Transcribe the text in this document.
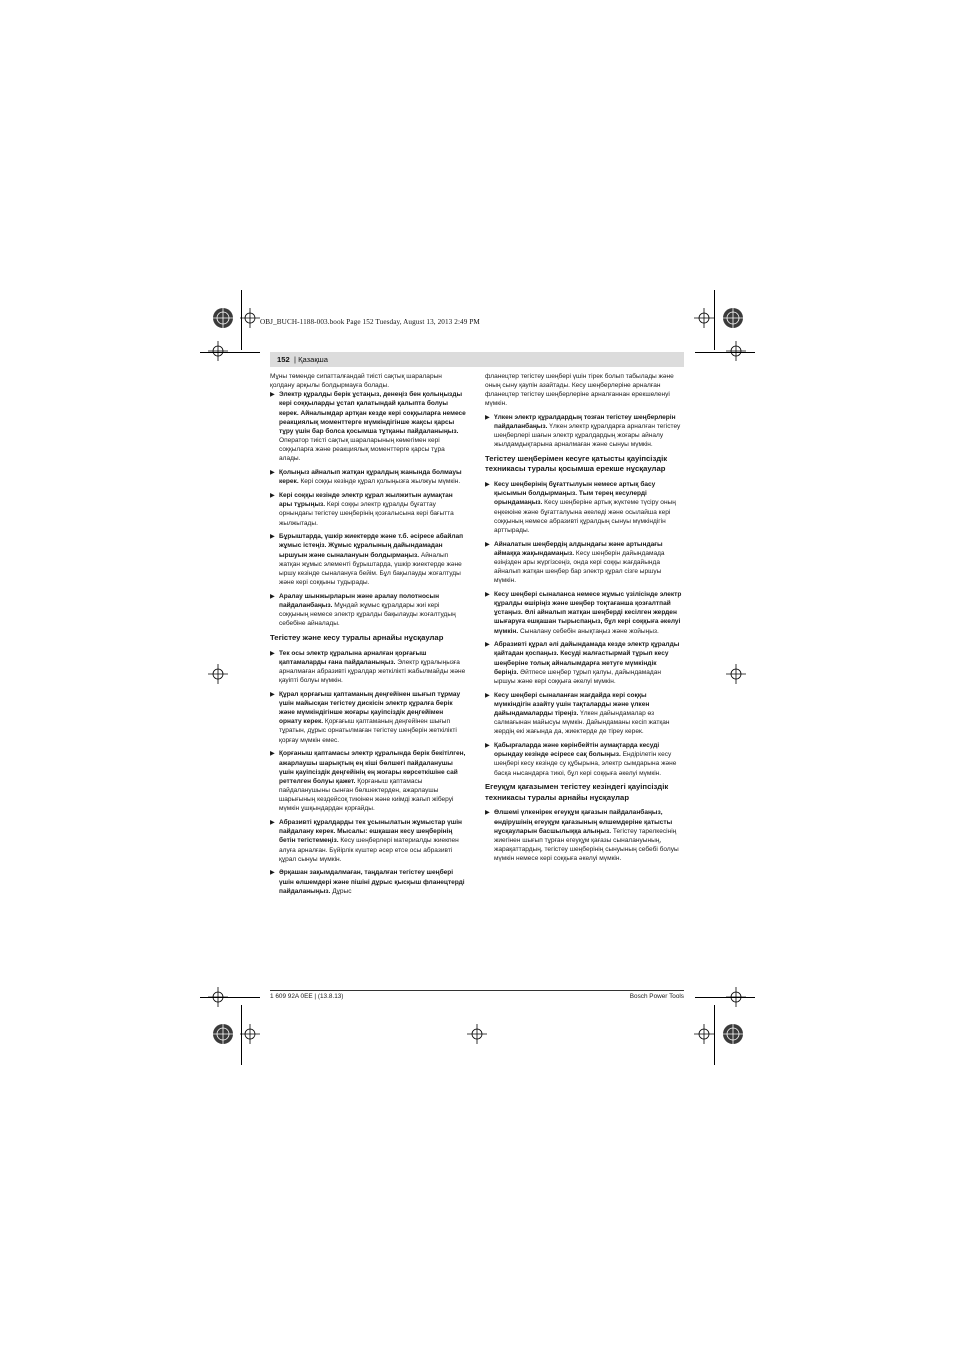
OBJ_BUCH-1188-003.book Page 152 Tuesday, August 13, 2013 2:49 PM
152 | Қазақша

Мұны төменде сипатталғандай тиісті сақтық шараларын қолдану арқылы болдырмауға болады.

▶ Электр құралды берік ұстаңыз, денеңіз бен қолыңызды кері соққыларды ұстап қалатындай қалыпта болуы керек. Айналымдар артқан кезде кері соққыларға немесе реакциялық моменттерге мүмкіндігінше жақсы қарсы тұру үшін бар болса қосымша тұтқаны пайдаланыңыз. Оператор тиісті сақтық шараларының көмегімен кері соққыларға және реакциялық моменттерге қарсы тұра алады.
▶ Қолыңыз айналып жатқан құралдың жанында болмауы керек. Кері соққы кезінде құрал қолыңызға жылжуы мүмкін.
▶ Кері соққы кезінде электр құрал жылжитын аумақтан ары тұрыңыз. Кері соққы электр құралды бұғаттау орнындағы тегістеу шеңберінің қозғалысына кері бағытта жылжытады.
▶ Бұрыштарда, үшкір жиектерде және т.б. әсіресе абайлап жұмыс істеңіз. Жұмыс құралының дайындамадан ыршуын және сыналануын болдырмаңыз. Айналып жатқан жұмыс элементі бұрыштарда, үшкір жиектерде және ыршу кезінде сыналануға бейім. Бұл бақылауды жоғалтуды және кері соққыны тудырады.
▶ Аралау шынжырларын және аралау полотносын пайдаланбаңыз. Мұндай жұмыс құралдары жиі кері соққының немесе электр құралды бақылауды жоғалтудың себебіне айналады.
Тегістеу және кесу туралы арнайы нұсқаулар
▶ Тек осы электр құралына арналған қорғағыш қаптамаларды ғана пайдаланыңыз. Электр құралыңызға арналмаған абразивті құралдар жеткілікті жабылмайды және қауіпті болуы мүмкін.
▶ Құрал қорғағыш қаптаманың деңгейінен шығып тұрмау үшін майысқан тегістеу дискісін электр құралға берік және мүмкіндігінше жоғары қауіпсіздік деңгейімен орнату керек. Қорғағыш қаптаманың деңгейінен шығып тұратын, дұрыс орнатылмаған тегістеу шеңберін жеткілікті қорғау мүмкін емес.
▶ Қорғаныш қаптамасы электр құралында берік бекітілген, ажарлаушы шарықтың ең кіші бөлшегі пайдаланушы үшін қауіпсіздік деңгейінің ең жоғары көрсеткішіне сай реттелген болуы қажет. Қорғаныш қаптамасы пайдаланушыны сынған бөлшектерден, ажарлаушы шарығының кездейсоқ тиюінен және киімді жағып жіберуі мүмкін ұшқындардан қорғайды.
▶ Абразивті құралдарды тек ұсынылатын жұмыстар үшін пайдалану керек. Мысалы: ешқашан кесу шеңберінің бетін тегістемеңіз. Кесу шеңберлері материалды жиекпен алуға арналған. Бүйірлік күштер әсер етсе осы абразивті құрал сынуы мүмкін.
▶ Әрқашан зақымдалмаған, таңдалған тегістеу шеңбері үшін өлшемдері және пішіні дұрыс қысқыш фланецтерді пайдаланыңыз. Дұрыс

фланецтер тегістеу шеңбері үшін тірек болып табылады және оның сыну қаупін азайтады. Кесу шеңберлеріне арналған фланецтер тегістеу шеңберлеріне арналғаннан ерекшеленуі мүмкін.

▶ Үлкен электр құралдардың тозған тегістеу шеңберлерін пайдаланбаңыз. Үлкен электр құралдарға арналған тегістеу шеңберлері шағын электр құралдардың жоғары айналу жылдамдықтарына арналмаған және сынуы мүмкін.
Тегістеу шеңберімен кесуге қатысты қауіпсіздік техникасы туралы қосымша ерекше нұсқаулар
▶ Кесу шеңберінің бұғаттылуын немесе артық басу қысымын болдырмаңыз. Тым терең кесулерді орындамаңыз. Кесу шеңберіне артық жүктеме түсіру оның еңкеюіне және бұғатталуына әкеледі және осылайша кері соққының немесе абразивті құралдың сынуы мүмкіндігін арттырады.
▶ Айналатын шеңбердің алдындағы және артындағы аймаққа жақындамаңыз. Кесу шеңберін дайындамада өзіңізден ары жүргізсеңіз, онда кері соққы жағдайында айналып жатқан шеңбер бар электр құрал сізге ыршуы мүмкін.
▶ Кесу шеңбері сыналанса немесе жұмыс үзілісінде электр құралды өшіріңіз және шеңбер тоқтағанша қозғалтпай ұстаңыз. Әлі айналып жатқан шеңберді кесілген жерден шығаруға ешқашан тырыспаңыз, бұл кері соққыға әкелуі мүмкін. Сыналану себебін анықтаңыз және жойыңыз.
▶ Абразивті құрал әлі дайындамада кезде электр құралды қайтадан қоспаңыз. Кесуді жалғастырмай тұрып кесу шеңберіне толық айналымдарға жетуге мүмкіндік беріңіз. Әйтпесе шеңбер тұрып қалуы, дайындамадан ыршуы және кері соққыға әкелуі мүмкін.
▶ Кесу шеңбері сыналанған жағдайда кері соққы мүмкіндігін азайту үшін тақталарды және үлкен дайындамаларды тіреңіз. Үлкен дайындамалар өз салмағынан майысуы мүмкін. Дайындаманы кесіп жатқан жердің екі жағында да, жиектерде де тіреу керек.
▶ Қабырғаларда және көрінбейтін аумақтарда кесуді орындау кезінде әсіресе сақ болыңыз. Ендірілетін кесу шеңбері кесу кезінде су құбырына, электр сымдарына және басқа нысандарға тиюі, бұл кері соққыға әкелуі мүмкін.
Егеуқұм қағазымен тегістеу кезіндегі қауіпсіздік техникасы туралы арнайы нұсқаулар
▶ Өлшемі үлкенірек егеуқұм қағазын пайдаланбаңыз, өндірушінің егеуқұм қағазының өлшемдеріне қатысты нұсқауларын басшылыққа алыңыз. Тегістеу тарелкесінің жиегінен шығып тұрған егеуқұм қағазы сыналануының, жарақаттардың, тегістеу шеңберінің сынуының себебі болуы мүмкін немесе кері соққыға әкелуі мүмкін.
1 609 92A 0EE | (13.8.13)	Bosch Power Tools
